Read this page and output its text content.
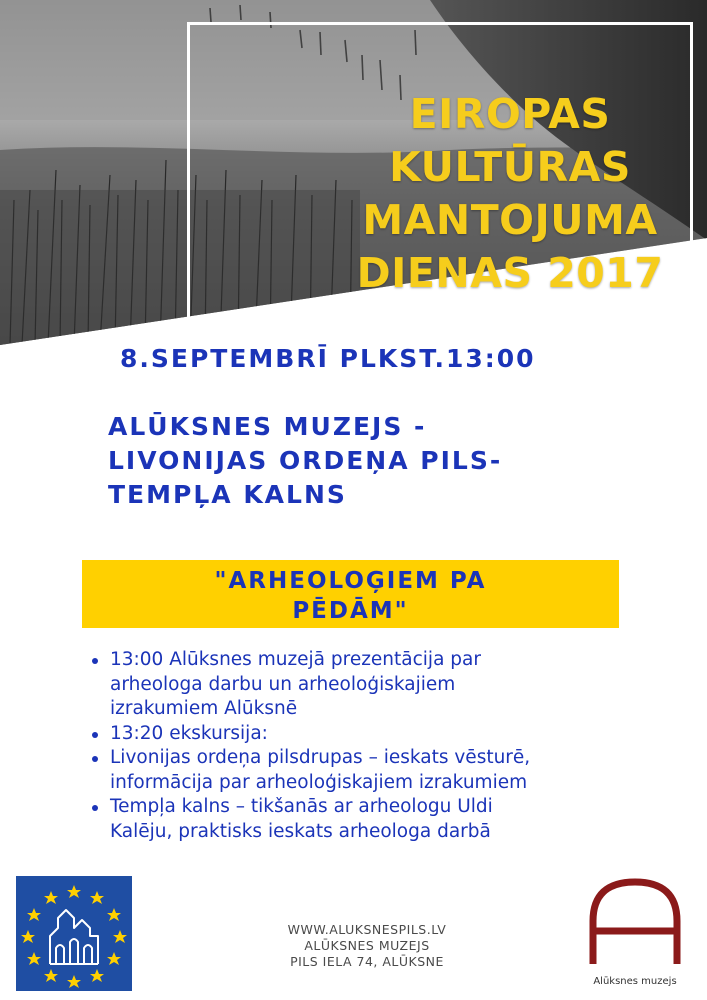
EIROPAS
KULTŪRAS
MANTOJUMA
DIENAS 2017
8.SEPTEMBRĪ PLKST.13:00
ALŪKSNES MUZEJS -
LIVONIJAS ORDEŅA PILS-
TEMPĻA KALNS
"ARHEOLOĢIEM PA
PĒDĀM"
13:00 Alūksnes muzejā prezentācija par
arheologa darbu un arheoloģiskajiem
izrakumiem Alūksnē
13:20 ekskursija:
Livonijas ordeņa pilsdrupas – ieskats vēsturē,
informācija par arheoloģiskajiem izrakumiem
Tempļa kalns – tikšanās ar arheologu Uldi
Kalēju, praktisks ieskats arheologa darbā
WWW.ALUKSNESPILS.LV
ALŪKSNES MUZEJS
PILS IELA 74, ALŪKSNE
Alūksnes muzejs
